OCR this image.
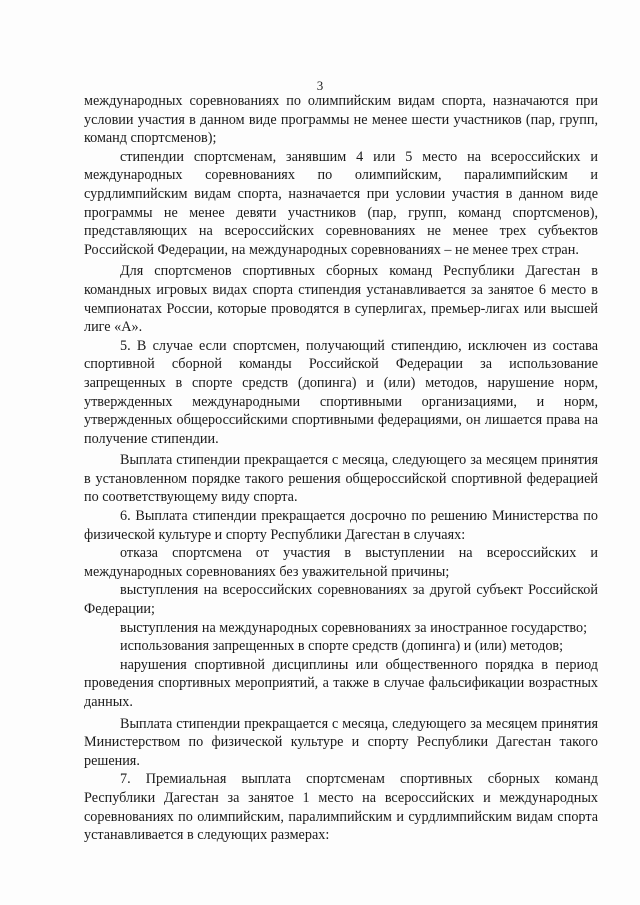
3

международных соревнованиях по олимпийским видам спорта, назначаются при условии участия в данном виде программы не менее шести участников (пар, групп, команд спортсменов);

стипендии спортсменам, занявшим 4 или 5 место на всероссийских и международных соревнованиях по олимпийским, паралимпийским и сурдлимпийским видам спорта, назначается при условии участия в данном виде программы не менее девяти участников (пар, групп, команд спортсменов), представляющих на всероссийских соревнованиях не менее трех субъектов Российской Федерации, на международных соревнованиях – не менее трех стран.

Для спортсменов спортивных сборных команд Республики Дагестан в командных игровых видах спорта стипендия устанавливается за занятое 6 место в чемпионатах России, которые проводятся в суперлигах, премьер-лигах или высшей лиге «А».

5. В случае если спортсмен, получающий стипендию, исключен из состава спортивной сборной команды Российской Федерации за использование запрещенных в спорте средств (допинга) и (или) методов, нарушение норм, утвержденных международными спортивными организациями, и норм, утвержденных общероссийскими спортивными федерациями, он лишается права на получение стипендии.

Выплата стипендии прекращается с месяца, следующего за месяцем принятия в установленном порядке такого решения общероссийской спортивной федерацией по соответствующему виду спорта.

6. Выплата стипендии прекращается досрочно по решению Министерства по физической культуре и спорту Республики Дагестан в случаях:

отказа спортсмена от участия в выступлении на всероссийских и международных соревнованиях без уважительной причины;

выступления на всероссийских соревнованиях за другой субъект Российской Федерации;

выступления на международных соревнованиях за иностранное государство;

использования запрещенных в спорте средств (допинга) и (или) методов;

нарушения спортивной дисциплины или общественного порядка в период проведения спортивных мероприятий, а также в случае фальсификации возрастных данных.

Выплата стипендии прекращается с месяца, следующего за месяцем принятия Министерством по физической культуре и спорту Республики Дагестан такого решения.

7. Премиальная выплата спортсменам спортивных сборных команд Республики Дагестан за занятое 1 место на всероссийских и международных соревнованиях по олимпийским, паралимпийским и сурдлимпийским видам спорта устанавливается в следующих размерах:
